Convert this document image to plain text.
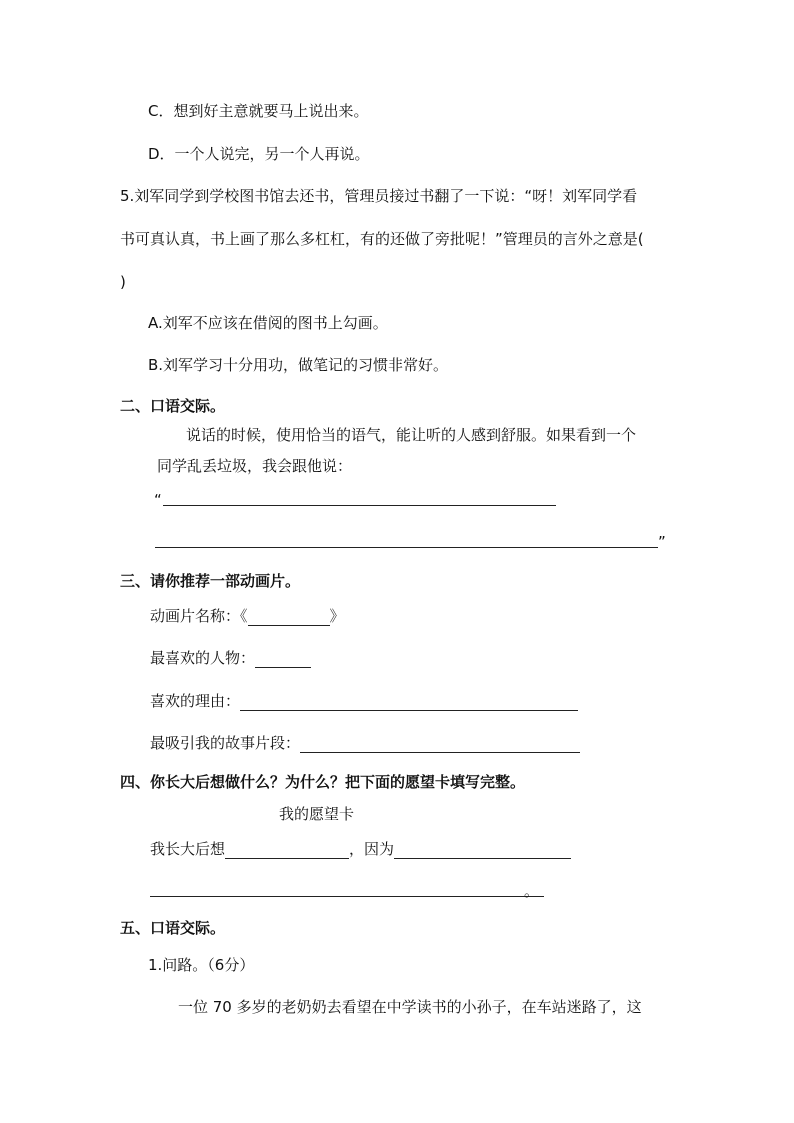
C．想到好主意就要马上说出来。
D．一个人说完，另一个人再说。
5.刘军同学到学校图书馆去还书，管理员接过书翻了一下说：“呀！刘军同学看
书可真认真，书上画了那么多杠杠，有的还做了旁批呢！”管理员的言外之意是(
)
A.刘军不应该在借阅的图书上勾画。
B.刘军学习十分用功，做笔记的习惯非常好。
二、口语交际。
说话的时候，使用恰当的语气，能让听的人感到舒服。如果看到一个
同学乱丢垃圾，我会跟他说：
“
”
三、请你推荐一部动画片。
动画片名称：《	》
最喜欢的人物：
喜欢的理由：
最吸引我的故事片段：
四、你长大后想做什么？为什么？把下面的愿望卡填写完整。
我的愿望卡
我长大后想	，因为
。
五、口语交际。
1.问路。（6分）
一位 70 多岁的老奶奶去看望在中学读书的小孙子，在车站迷路了，这
